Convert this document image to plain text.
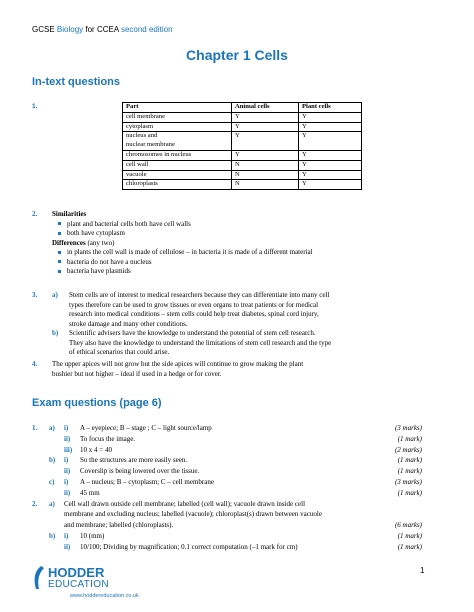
GCSE Biology for CCEA second edition
Chapter 1 Cells
In-text questions
1.	Part	Animal cells	Plant cells
cell membrane	Y	Y
cytoplasm	Y	Y
nucleus and
nuclear membrane	Y	Y
chromosomes in nucleus	Y	Y
cell wall	N	Y
vacuole	N	Y
chloroplasts	N	Y
2. Similarities
plant and bacterial cells both have cell walls
both have cytoplasm
Differences (any two)
in plants the cell wall is made of cellulose – in bacteria it is made of a different material
bacteria do not have a nucleus
bacteria have plasmids
3. a) Stem cells are of interest to medical researchers because they can differentiate into many cell
types therefore can be used to grow tissues or even organs to treat patients or for medical
research into medical conditions – stem cells could help treat diabetes, spinal cord injury,
stroke damage and many other conditions.
b) Scientific advisers have the knowledge to understand the potential of stem cell research.
They also have the knowledge to understand the limitations of stem cell research and the type
of ethical scenarios that could arise.
4. The upper apices will not grow but the side apices will continue to grow making the plant
bushier but not higher – ideal if used in a hedge or for cover.
Exam questions (page 6)
1. a) i) A – eyepiece; B – stage ; C – light source/lamp	(3 marks)
ii) To focus the image.	(1 mark)
iii) 10 x 4 = 40	(2 marks)
b) i) So the structures are more easily seen.	(1 mark)
ii) Coverslip is being lowered over the tissue.	(1 mark)
c) i) A – nucleus; B – cytoplasm; C – cell membrane	(3 marks)
ii) 45 mm	(1 mark)
2. a) Cell wall drawn outside cell membrane; labelled (cell wall); vacuole drawn inside cell
membrane and excluding nucleus; labelled (vacuole); chloroplast(s) drawn between vacuole
and membrane; labelled (chloroplasts).	(6 marks)
b) i) 10 (mm)	(1 mark)
ii) 10/100; Dividing by magnification; 0.1 correct computation (–1 mark for cm)	(1 mark)
HODDER
EDUCATION
www.hoddereducation.co.uk
1
